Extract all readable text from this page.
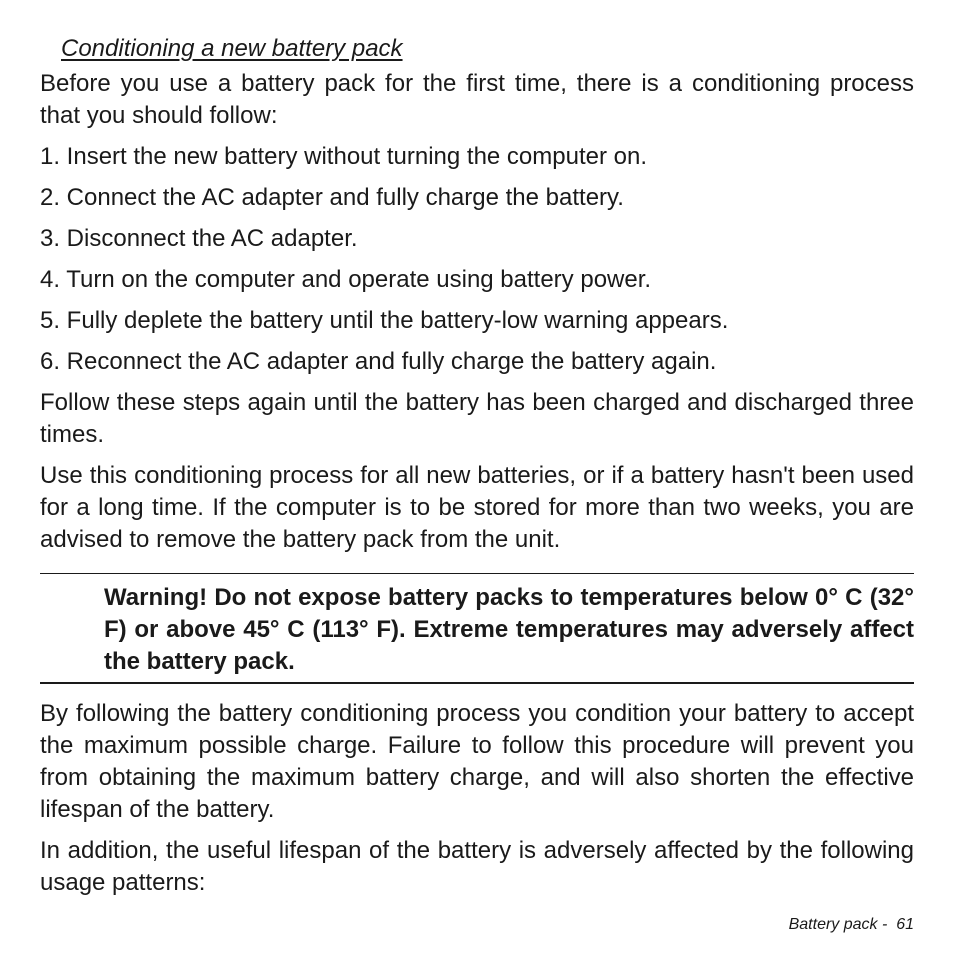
Conditioning a new battery pack

Before you use a battery pack for the first time, there is a conditioning process that you should follow:

1. Insert the new battery without turning the computer on.

2. Connect the AC adapter and fully charge the battery.

3. Disconnect the AC adapter.

4. Turn on the computer and operate using battery power.

5. Fully deplete the battery until the battery-low warning appears.

6. Reconnect the AC adapter and fully charge the battery again.

Follow these steps again until the battery has been charged and discharged three times.

Use this conditioning process for all new batteries, or if a battery hasn't been used for a long time. If the computer is to be stored for more than two weeks, you are advised to remove the battery pack from the unit.

Warning! Do not expose battery packs to temperatures below 0° C (32° F) or above 45° C (113° F). Extreme temperatures may adversely affect the battery pack.

By following the battery conditioning process you condition your battery to accept the maximum possible charge. Failure to follow this procedure will prevent you from obtaining the maximum battery charge, and will also shorten the effective lifespan of the battery.

In addition, the useful lifespan of the battery is adversely affected by the following usage patterns:

Battery pack -  61
